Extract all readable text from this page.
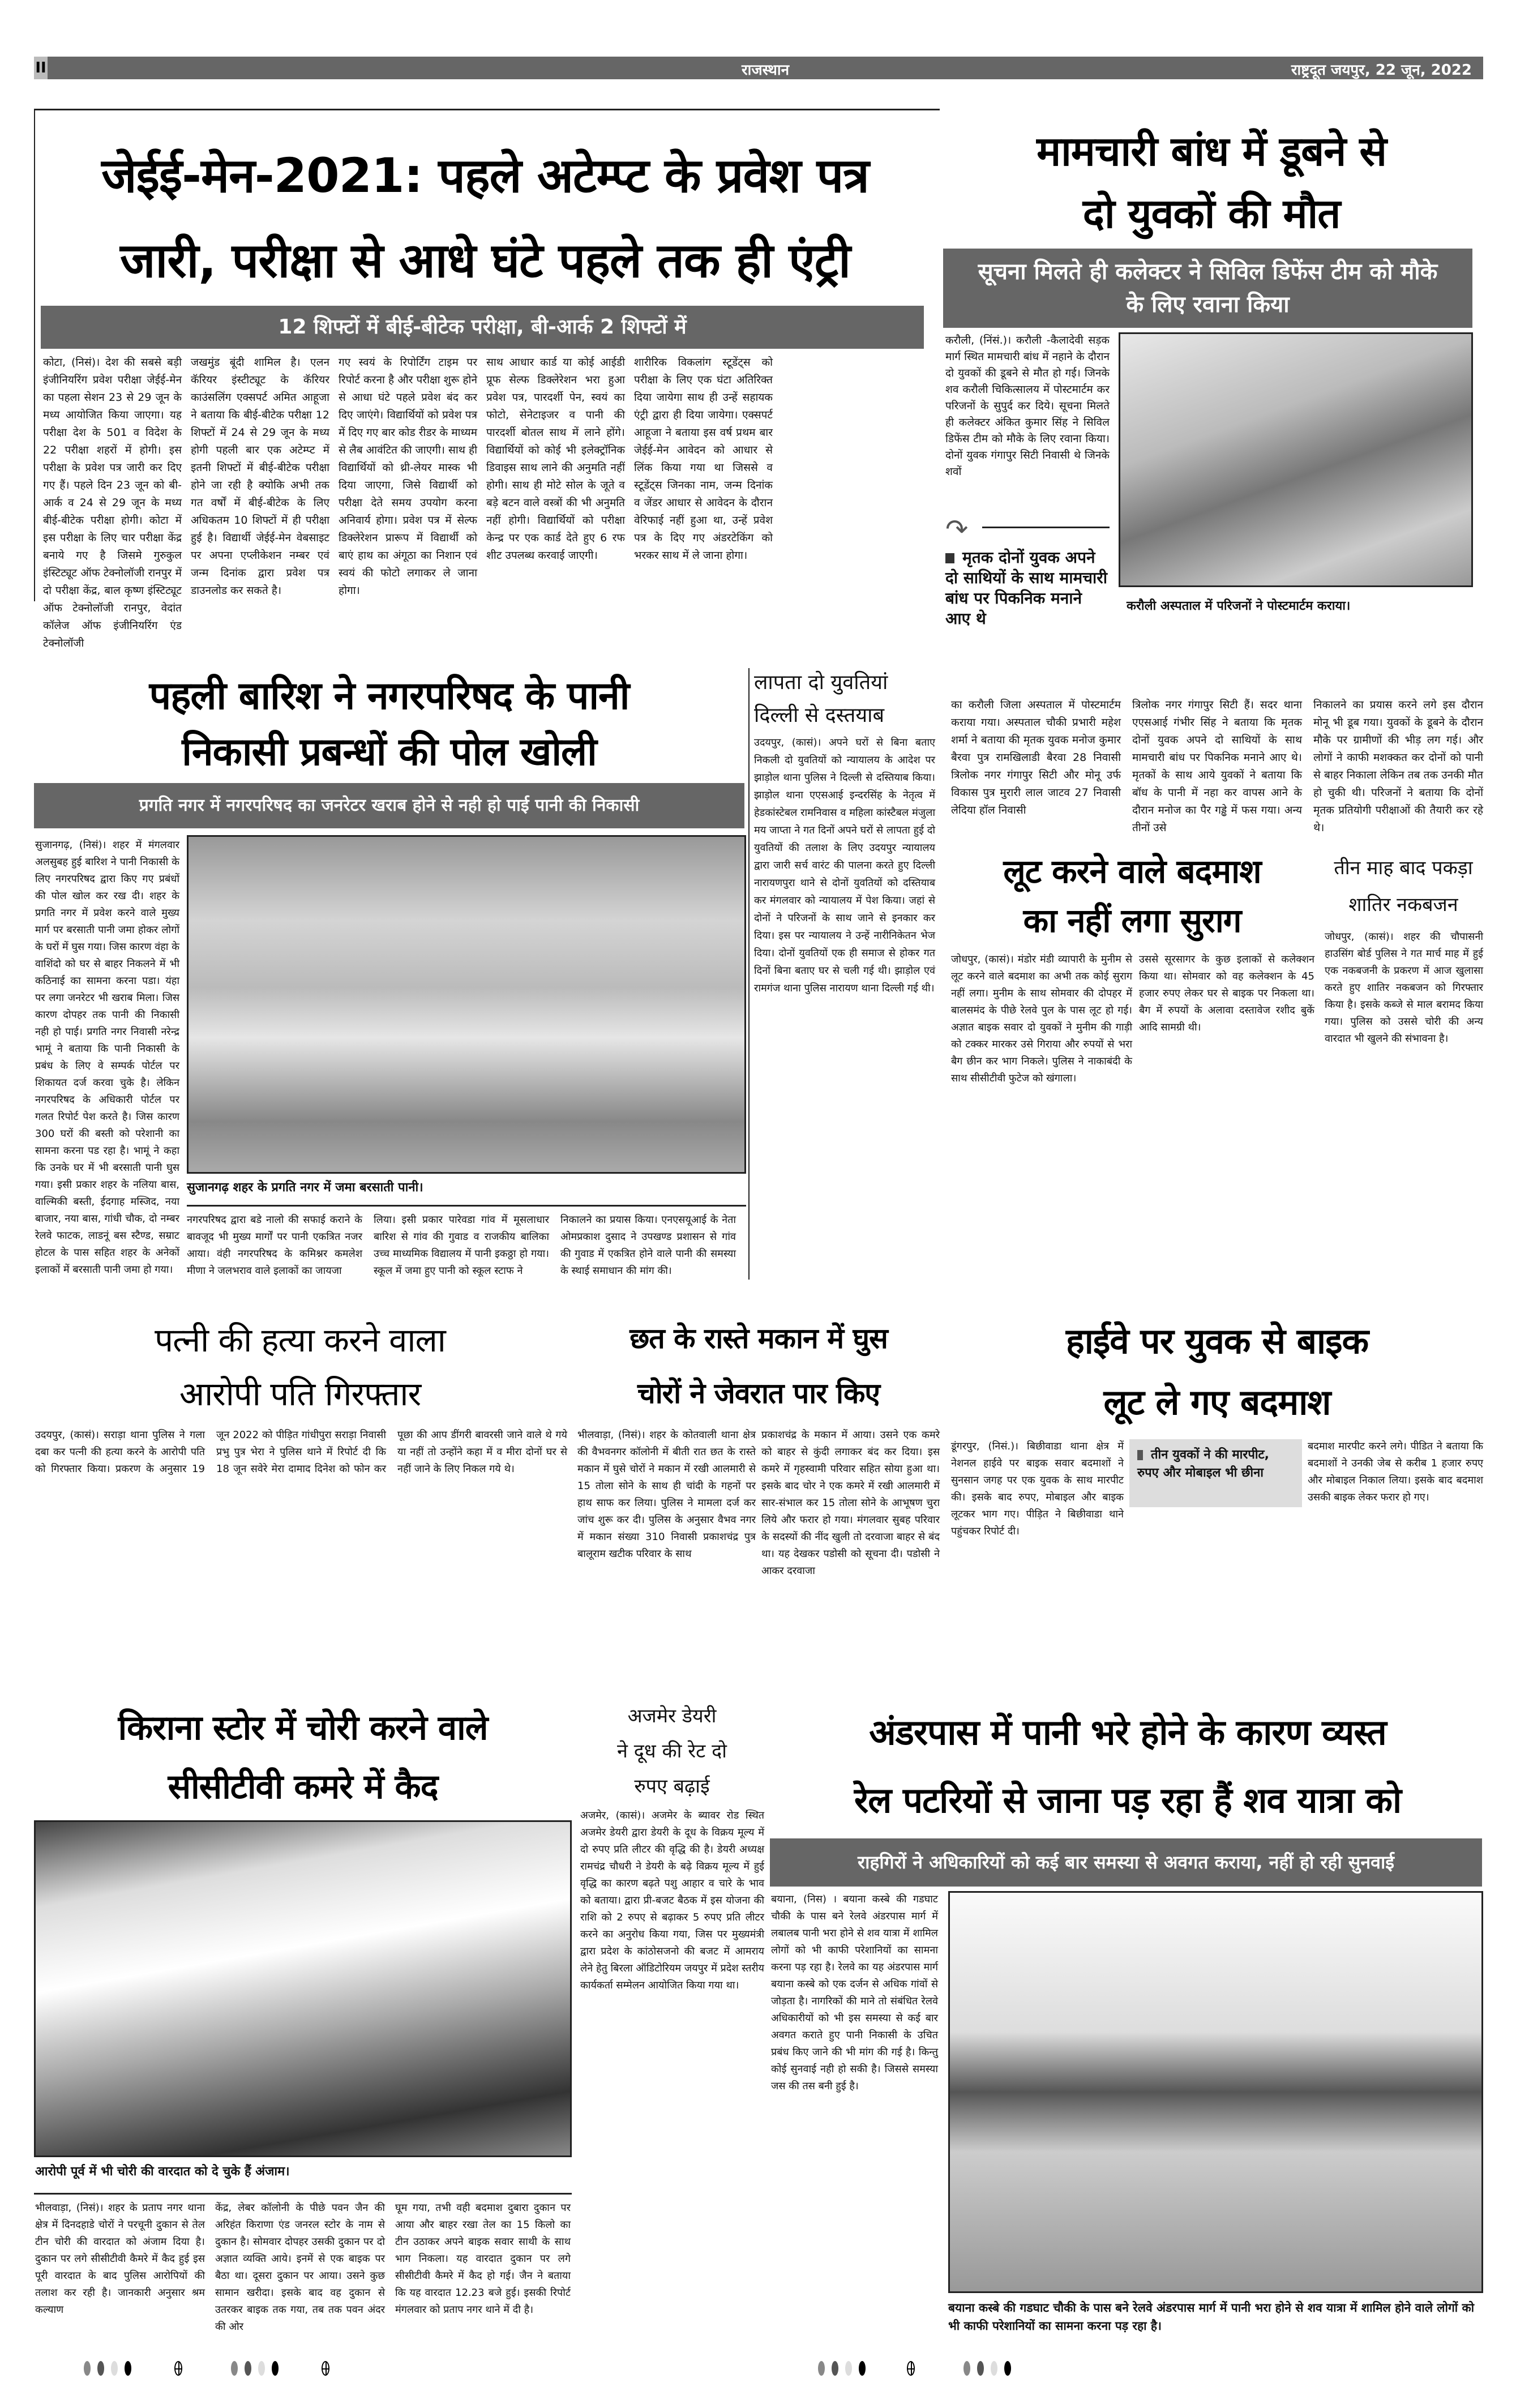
II	राजस्थान	राष्ट्रदूत जयपुर, 22 जून, 2022
जेईई-मेन-2021: पहले अटेम्प्ट के प्रवेश पत्र
जारी, परीक्षा से आधे घंटे पहले तक ही एंट्री
12 शिफ्टों में बीई-बीटेक परीक्षा, बी-आर्क 2 शिफ्टों में
कोटा, (निसं)। देश की सबसे बड़ी इंजीनियरिंग प्रवेश परीक्षा जेईई-मेन का पहला सेशन 23 से 29 जून के मध्य आयोजित किया जाएगा। यह परीक्षा देश के 501 व विदेश के 22 परीक्षा शहरों में होगी। इस परीक्षा के प्रवेश पत्र जारी कर दिए गए हैं। पहले दिन 23 जून को बी-आर्क व 24 से 29 जून के मध्य बीई-बीटेक परीक्षा होगी। कोटा में इस परीक्षा के लिए चार परीक्षा केंद्र बनाये गए है जिसमे गुरुकुल इंस्टिट्यूट ऑफ टेक्नोलॉजी रानपुर में दो परीक्षा केंद्र, बाल कृष्ण इंस्टिट्यूट ऑफ टेक्नोलॉजी रानपुर, वेदांत कॉलेज ऑफ इंजीनियरिंग एंड टेक्नोलॉजी
जखमुंड बूंदी शामिल है। एलन कॅरियर इंस्टीट्यूट के कॅरियर काउंसलिंग एक्सपर्ट अमित आहूजा ने बताया कि बीई-बीटेक परीक्षा 12 शिफ्टों में 24 से 29 जून के मध्य होगी पहली बार एक अटेम्प्ट में इतनी शिफ्टों में बीई-बीटेक परीक्षा होने जा रही है क्योकि अभी तक गत वर्षों में बीई-बीटेक के लिए अधिकतम 10 शिफ्टों में ही परीक्षा हुई है। विद्यार्थी जेईई-मेन वेबसाइट पर अपना एप्लीकेशन नम्बर एवं जन्म दिनांक द्वारा प्रवेश पत्र डाउनलोड कर सकते है।
गए स्वयं के रिपोर्टिंग टाइम पर रिपोर्ट करना है और परीक्षा शुरू होने से आधा घंटे पहले प्रवेश बंद कर दिए जाएंगे। विद्यार्थियों को प्रवेश पत्र में दिए गए बार कोड रीडर के माध्यम से लैब आवंटित की जाएगी। साथ ही विद्यार्थियों को थ्री-लेयर मास्क भी दिया जाएगा, जिसे विद्यार्थी को परीक्षा देते समय उपयोग करना अनिवार्य होगा। प्रवेश पत्र में सेल्फ डिक्लेरेशन प्रारूप में विद्यार्थी को बाएं हाथ का अंगूठा का निशान एवं स्वयं की फोटो लगाकर ले जाना होगा।
साथ आधार कार्ड या कोई आईडी प्रूफ सेल्फ डिक्लेरेशन भरा हुआ प्रवेश पत्र, पारदर्शी पेन, स्वयं का फोटो, सेनेटाइजर व पानी की पारदर्शी बोतल साथ में लाने होंगे। विद्यार्थियों को कोई भी इलेक्ट्रॉनिक डिवाइस साथ लाने की अनुमति नहीं होगी। साथ ही मोटे सोल के जूते व बड़े बटन वाले वस्त्रों की भी अनुमति नहीं होगी। विद्यार्थियों को परीक्षा केन्द्र पर एक कार्ड देते हुए 6 रफ शीट उपलब्ध करवाई जाएगी।
शारीरिक विकलांग स्टूडेंट्स को परीक्षा के लिए एक घंटा अतिरिक्त दिया जायेगा साथ ही उन्हें सहायक एंट्री द्वारा ही दिया जायेगा। एक्सपर्ट आहूजा ने बताया इस वर्ष प्रथम बार जेईई-मेन आवेदन को आधार से लिंक किया गया था जिससे व स्टूडेंट्स जिनका नाम, जन्म दिनांक व जेंडर आधार से आवेदन के दौरान वेरिफाई नहीं हुआ था, उन्हें प्रवेश पत्र के दिए गए अंडरटेकिंग को भरकर साथ में ले जाना होगा।
मामचारी बांध में डूबने से
दो युवकों की मौत
सूचना मिलते ही कलेक्टर ने सिविल डिफेंस टीम को मौके के लिए रवाना किया
करौली, (निंसं.)। करौली -कैलादेवी सड़क मार्ग स्थित मामचारी बांध में नहाने के दौरान दो युवकों की डूबने से मौत हो गई। जिनके शव करौली चिकित्सालय में पोस्टमार्टम कर परिजनों के सुपुर्द कर दिये। सूचना मिलते ही कलेक्टर अंकित कुमार सिंह ने सिविल डिफेंस टीम को मौके के लिए रवाना किया। दोनों युवक गंगापुर सिटी निवासी थे जिनके शवों
↷
मृतक दोनों युवक अपने दो साथियों के साथ मामचारी बांध पर पिकनिक मनाने आए थे
करौली अस्पताल में परिजनों ने पोस्टमार्टम कराया।
का करौली जिला अस्पताल में पोस्टमार्टम कराया गया। अस्पताल चौकी प्रभारी महेश शर्मा ने बताया की मृतक युवक मनोज कुमार बैरवा पुत्र रामखिलाडी बैरवा 28 निवासी त्रिलोक नगर गंगापुर सिटी और मोनू उर्फ विकास पुत्र मुरारी लाल जाटव 27 निवासी लेदिया हॉल निवासी
त्रिलोक नगर गंगापुर सिटी हैं। सदर थाना एएसआई गंभीर सिंह ने बताया कि मृतक दोनों युवक अपने दो साथियों के साथ मामचारी बांध पर पिकनिक मनाने आए थे। मृतकों के साथ आये युवकों ने बताया कि बॉध के पानी में नहा कर वापस आने के दौरान मनोज का पैर गड्ढे में फस गया। अन्य तीनों उसे
निकालने का प्रयास करने लगे इस दौरान मोनू भी डूब गया। युवकों के डूबने के दौरान मौके पर ग्रामीणों की भीड़ लग गई। और लोगों ने काफी मशक्कत कर दोनों को पानी से बाहर निकाला लेकिन तब तक उनकी मौत हो चुकी थी। परिजनों ने बताया कि दोनों मृतक प्रतियोगी परीक्षाओं की तैयारी कर रहे थे।
पहली बारिश ने नगरपरिषद के पानी
निकासी प्रबन्धों की पोल खोली
प्रगति नगर में नगरपरिषद का जनरेटर खराब होने से नही हो पाई पानी की निकासी
सुजानगढ़, (निसं)। शहर में मंगलवार अलसुबह हुई बारिश ने पानी निकासी के लिए नगरपरिषद द्वारा किए गए प्रबंधों की पोल खोल कर रख दी। शहर के प्रगति नगर में प्रवेश करने वाले मुख्य मार्ग पर बरसाती पानी जमा होकर लोगों के घरों में घुस गया। जिस कारण वंहा के वाशिंदो को घर से बाहर निकलने में भी कठिनाई का सामना करना पडा। यंहा पर लगा जनरेटर भी खराब मिला। जिस कारण दोपहर तक पानी की निकासी नही हो पाई। प्रगति नगर निवासी नरेन्द्र भामूं ने बताया कि पानी निकासी के प्रबंध के लिए वे सम्पर्क पोर्टल पर शिकायत दर्ज करवा चुके है। लेकिन नगरपरिषद के अधिकारी पोर्टल पर गलत रिपोर्ट पेश करते है। जिस कारण 300 घरों की बस्ती को परेशानी का सामना करना पड रहा है। भामूं ने कहा कि उनके घर में भी बरसाती पानी घुस गया। इसी प्रकार शहर के नलिया बास, वाल्मिकी बस्ती, ईदगाह मस्जिद, नया बाजार, नया बास, गांधी चौक, दो नम्बर रेलवे फाटक, लाडनूं बस स्टैण्ड, सम्राट होटल के पास सहित शहर के अनेकों इलाकों में बरसाती पानी जमा हो गया।
सुजानगढ़ शहर के प्रगति नगर में जमा बरसाती पानी।
नगरपरिषद द्वारा बडे नालो की सफाई कराने के बावजूद भी मुख्य मार्गों पर पानी एकत्रित नजर आया। वंही नगरपरिषद के कमिश्नर कमलेश मीणा ने जलभराव वाले इलाकों का जायजा
लिया। इसी प्रकार पारेवडा गांव में मूसलाधार बारिश से गांव की गुवाड व राजकीय बालिका उच्च माध्यमिक विद्यालय में पानी इकठ्ठा हो गया। स्कूल में जमा हुए पानी को स्कूल स्टाफ ने
निकालने का प्रयास किया। एनएसयूआई के नेता ओमप्रकाश दुसाद ने उपखण्ड प्रशासन से गांव की गुवाड में एकत्रित होने वाले पानी की समस्या के स्थाई समाधान की मांग की।
लापता दो युवतियां
दिल्ली से दस्तयाब
उदयपुर, (कासं)। अपने घरों से बिना बताए निकली दो युवतियों को न्यायालय के आदेश पर झाड़ोल थाना पुलिस ने दिल्ली से दस्तियाब किया। झाड़ोल थाना एएसआई इन्दरसिंह के नेतृत्व में हेडकांस्टेबल रामनिवास व महिला कांस्टैबल मंजुला मय जाप्ता ने गत दिनों अपने घरों से लापता हुई दो युवतियों की तलाश के लिए उदयपुर न्यायालय द्वारा जारी सर्च वारंट की पालना करते हुए दिल्ली नारायणपुरा थाने से दोनों युवतियों को दस्तियाब कर मंगलवार को न्यायालय में पेश किया। जहां से दोनों ने परिजनों के साथ जाने से इनकार कर दिया। इस पर न्यायालय ने उन्हें नारीनिकेतन भेज दिया। दोनों युवतियों एक ही समाज से होकर गत दिनों बिना बताए घर से चली गई थी। झाड़ोल एवं रामगंज थाना पुलिस नारायण थाना दिल्ली गई थी।
लूट करने वाले बदमाश
का नहीं लगा सुराग
जोधपुर, (कासं)। मंडोर मंडी व्यापारी के मुनीम से लूट करने वाले बदमाश का अभी तक कोई सुराग नहीं लगा। मुनीम के साथ सोमवार की दोपहर में बालसमंद के पीछे रेलवे पुल के पास लूट हो गई। अज्ञात बाइक सवार दो युवकों ने मुनीम की गाड़ी को टक्कर मारकर उसे गिराया और रुपयों से भरा बैग छीन कर भाग निकले। पुलिस ने नाकाबंदी के साथ सीसीटीवी फुटेज को खंगाला।
उससे सूरसागर के कुछ इलाकों से कलेक्शन किया था। सोमवार को वह कलेक्शन के 45 हजार रुपए लेकर घर से बाइक पर निकला था। बैग में रुपयों के अलावा दस्तावेज रशीद बुकें आदि सामग्री थी।
तीन माह बाद पकड़ा
शातिर नकबजन
जोधपुर, (कासं)। शहर की चौपासनी हाउसिंग बोर्ड पुलिस ने गत मार्च माह में हुई एक नकबजनी के प्रकरण में आज खुलासा करते हुए शातिर नकबजन को गिरफ्तार किया है। इसके कब्जे से माल बरामद किया गया। पुलिस को उससे चोरी की अन्य वारदात भी खुलने की संभावना है।
पत्नी की हत्या करने वाला
आरोपी पति गिरफ्तार
उदयपुर, (कासं)। सराड़ा थाना पुलिस ने गला दबा कर पत्नी की हत्या करने के आरोपी पति को गिरफ्तार किया। प्रकरण के अनुसार 19 जून 2022 को पीड़ित गांधीपुरा सराड़ा निवासी प्रभु पुत्र भेरा ने पुलिस थाने में रिपोर्ट दी कि 18 जून सवेरे मेरा दामाद दिनेश को फोन कर पूछा की आप डींगरी बावरसी जाने वाले थे गये या नहीं तो उन्होंने कहा में व मीरा दोनों घर से नहीं जाने के लिए निकल गये थे।
छत के रास्ते मकान में घुस
चोरों ने जेवरात पार किए
भीलवाड़ा, (निसं)। शहर के कोतवाली थाना क्षेत्र की वैभवनगर कॉलोनी में बीती रात छत के रास्ते मकान में घुसे चोरों ने मकान में रखी आलमारी से 15 तोला सोने के साथ ही चांदी के गहनों पर हाथ साफ कर लिया। पुलिस ने मामला दर्ज कर जांच शुरू कर दी। पुलिस के अनुसार वैभव नगर में मकान संख्या 310 निवासी प्रकाशचंद्र पुत्र बालूराम खटीक परिवार के साथ
प्रकाशचंद्र के मकान में आया। उसने एक कमरे को बाहर से कुंदी लगाकर बंद कर दिया। इस कमरे में गृहस्वामी परिवार सहित सोया हुआ था। इसके बाद चोर ने एक कमरे में रखी आलमारी में सार-संभाल कर 15 तोला सोने के आभूषण चुरा लिये और फरार हो गया। मंगलवार सुबह परिवार के सदस्यों की नींद खुली तो दरवाजा बाहर से बंद था। यह देखकर पडोसी को सूचना दी। पडोसी ने आकर दरवाजा
हाईवे पर युवक से बाइक
लूट ले गए बदमाश
डूंगरपुर, (निसं.)। बिछीवाडा थाना क्षेत्र में नेशनल हाईवे पर बाइक सवार बदमाशों ने सुनसान जगह पर एक युवक के साथ मारपीट की। इसके बाद रुपए, मोबाइल और बाइक लूटकर भाग गए। पीड़ित ने बिछीवाडा थाने पहुंचकर रिपोर्ट दी।
तीन युवकों ने की मारपीट, रुपए और मोबाइल भी छीना
बदमाश मारपीट करने लगे। पीडित ने बताया कि बदमाशों ने उनकी जेब से करीब 1 हजार रुपए और मोबाइल निकाल लिया। इसके बाद बदमाश उसकी बाइक लेकर फरार हो गए।
किराना स्टोर में चोरी करने वाले
सीसीटीवी कमरे में कैद
आरोपी पूर्व में भी चोरी की वारदात को दे चुके हैं अंजाम।
भीलवाड़ा, (निसं)। शहर के प्रताप नगर थाना क्षेत्र में दिनदहाडे चोरों ने परचूनी दुकान से तेल टीन चोरी की वारदात को अंजाम दिया है। दुकान पर लगे सीसीटीवी कैमरे में कैद हुई इस पूरी वारदात के बाद पुलिस आरोपियों की तलाश कर रही है। जानकारी अनुसार श्रम कल्याण
केंद्र, लेबर कॉलोनी के पीछे पवन जैन की अरिहंत किराणा एंड जनरल स्टोर के नाम से दुकान है। सोमवार दोपहर उसकी दुकान पर दो अज्ञात व्यक्ति आये। इनमें से एक बाइक पर बैठा था। दूसरा दुकान पर आया। उसने कुछ सामान खरीदा। इसके बाद वह दुकान से उतरकर बाइक तक गया, तब तक पवन अंदर की ओर
घूम गया, तभी वही बदमाश दुबारा दुकान पर आया और बाहर रखा तेल का 15 किलो का टीन उठाकर अपने बाइक सवार साथी के साथ भाग निकला। यह वारदात दुकान पर लगे सीसीटीवी कैमरे में कैद हो गई। जैन ने बताया कि यह वारदात 12.23 बजे हुई। इसकी रिपोर्ट मंगलवार को प्रताप नगर थाने में दी है।
अजमेर डेयरी
ने दूध की रेट दो
रुपए बढ़ाई
अजमेर, (कासं)। अजमेर के ब्यावर रोड स्थित अजमेर डेयरी द्वारा डेयरी के दूध के विक्रय मूल्य में दो रुपए प्रति लीटर की वृद्धि की है। डेयरी अध्यक्ष रामचंद्र चौधरी ने डेयरी के बढ़े विक्रय मूल्य में हुई वृद्धि का कारण बढ़ते पशु आहार व चारे के भाव को बताया। द्वारा प्री-बजट बैठक में इस योजना की राशि को 2 रुपए से बढ़ाकर 5 रुपए प्रति लीटर करने का अनुरोध किया गया, जिस पर मुख्यमंत्री द्वारा प्रदेश के कांठोसजनो की बजट में आमराय लेने हेतु बिरला ऑडिटोरियम जयपुर में प्रदेश स्तरीय कार्यकर्ता सम्मेलन आयोजित किया गया था।
अंडरपास में पानी भरे होने के कारण व्यस्त
रेल पटरियों से जाना पड़ रहा हैं शव यात्रा को
राहगिरों ने अधिकारियों को कई बार समस्या से अवगत कराया, नहीं हो रही सुनवाई
बयाना, (निस) । बयाना कस्बे की गडघाट चौकी के पास बने रेलवे अंडरपास मार्ग में लबालब पानी भरा होने से शव यात्रा में शामिल लोगों को भी काफी परेशानियों का सामना करना पड़ रहा है। रेलवे का यह अंडरपास मार्ग बयाना कस्बे को एक दर्जन से अधिक गांवों से जोड़ता है। नागरिकों की माने तो संबंधित रेलवे अधिकारीयों को भी इस समस्या से कई बार अवगत कराते हुए पानी निकासी के उचित प्रबंध किए जाने की भी मांग की गई है। किन्तु कोई सुनवाई नही हो सकी है। जिससे समस्या जस की तस बनी हुई है।
बयाना कस्बे की गडघाट चौकी के पास बने रेलवे अंडरपास मार्ग में पानी भरा होने से शव यात्रा में शामिल होने वाले लोगों को भी काफी परेशानियों का सामना करना पड़ रहा है।
